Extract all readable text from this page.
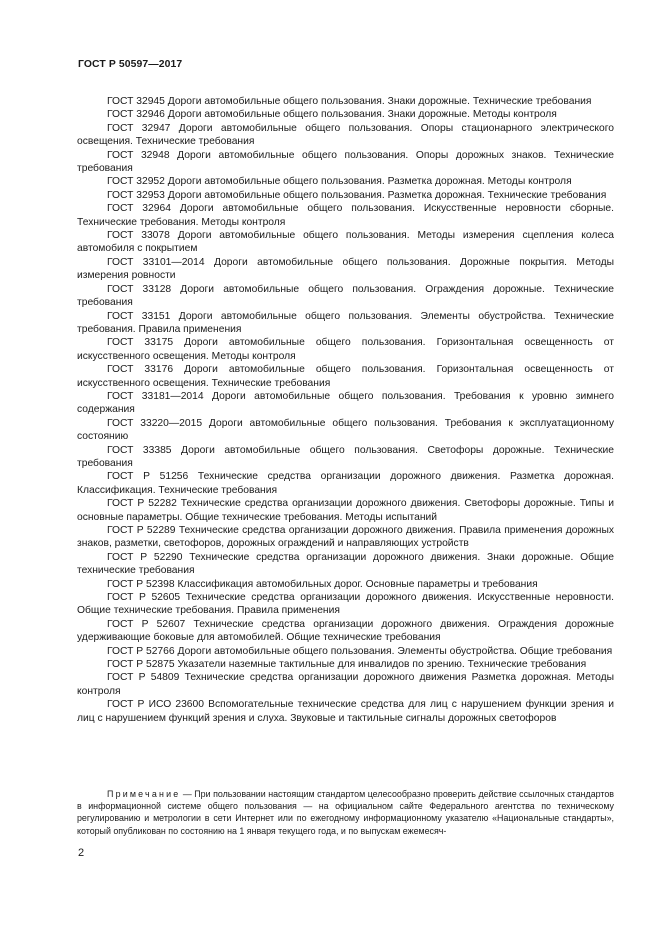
ГОСТ Р 50597—2017

ГОСТ 32945 Дороги автомобильные общего пользования. Знаки дорожные. Технические требования

ГОСТ 32946 Дороги автомобильные общего пользования. Знаки дорожные. Методы контроля

ГОСТ 32947 Дороги автомобильные общего пользования. Опоры стационарного электрического освещения. Технические требования

ГОСТ 32948 Дороги автомобильные общего пользования. Опоры дорожных знаков. Технические требования

ГОСТ 32952 Дороги автомобильные общего пользования. Разметка дорожная. Методы контроля

ГОСТ 32953 Дороги автомобильные общего пользования. Разметка дорожная. Технические требования

ГОСТ 32964 Дороги автомобильные общего пользования. Искусственные неровности сборные. Технические требования. Методы контроля

ГОСТ 33078 Дороги автомобильные общего пользования. Методы измерения сцепления колеса автомобиля с покрытием

ГОСТ 33101—2014 Дороги автомобильные общего пользования. Дорожные покрытия. Методы измерения ровности

ГОСТ 33128 Дороги автомобильные общего пользования. Ограждения дорожные. Технические требования

ГОСТ 33151 Дороги автомобильные общего пользования. Элементы обустройства. Технические требования. Правила применения

ГОСТ 33175 Дороги автомобильные общего пользования. Горизонтальная освещенность от искусственного освещения. Методы контроля

ГОСТ 33176 Дороги автомобильные общего пользования. Горизонтальная освещенность от искусственного освещения. Технические требования

ГОСТ 33181—2014 Дороги автомобильные общего пользования. Требования к уровню зимнего содержания

ГОСТ 33220—2015 Дороги автомобильные общего пользования. Требования к эксплуатационному состоянию

ГОСТ 33385 Дороги автомобильные общего пользования. Светофоры дорожные. Технические требования

ГОСТ Р 51256 Технические средства организации дорожного движения. Разметка дорожная. Классификация. Технические требования

ГОСТ Р 52282 Технические средства организации дорожного движения. Светофоры дорожные. Типы и основные параметры. Общие технические требования. Методы испытаний

ГОСТ Р 52289 Технические средства организации дорожного движения. Правила применения дорожных знаков, разметки, светофоров, дорожных ограждений и направляющих устройств

ГОСТ Р 52290 Технические средства организации дорожного движения. Знаки дорожные. Общие технические требования

ГОСТ Р 52398 Классификация автомобильных дорог. Основные параметры и требования

ГОСТ Р 52605 Технические средства организации дорожного движения. Искусственные неровности. Общие технические требования. Правила применения

ГОСТ Р 52607 Технические средства организации дорожного движения. Ограждения дорожные удерживающие боковые для автомобилей. Общие технические требования

ГОСТ Р 52766 Дороги автомобильные общего пользования. Элементы обустройства. Общие требования

ГОСТ Р 52875 Указатели наземные тактильные для инвалидов по зрению. Технические требования

ГОСТ Р 54809 Технические средства организации дорожного движения Разметка дорожная. Методы контроля

ГОСТ Р ИСО 23600 Вспомогательные технические средства для лиц с нарушением функции зрения и лиц с нарушением функций зрения и слуха. Звуковые и тактильные сигналы дорожных светофоров

Примечание — При пользовании настоящим стандартом целесообразно проверить действие ссылочных стандартов в информационной системе общего пользования — на официальном сайте Федерального агентства по техническому регулированию и метрологии в сети Интернет или по ежегодному информационному указателю «Национальные стандарты», который опубликован по состоянию на 1 января текущего года, и по выпускам ежемесяч-
2
